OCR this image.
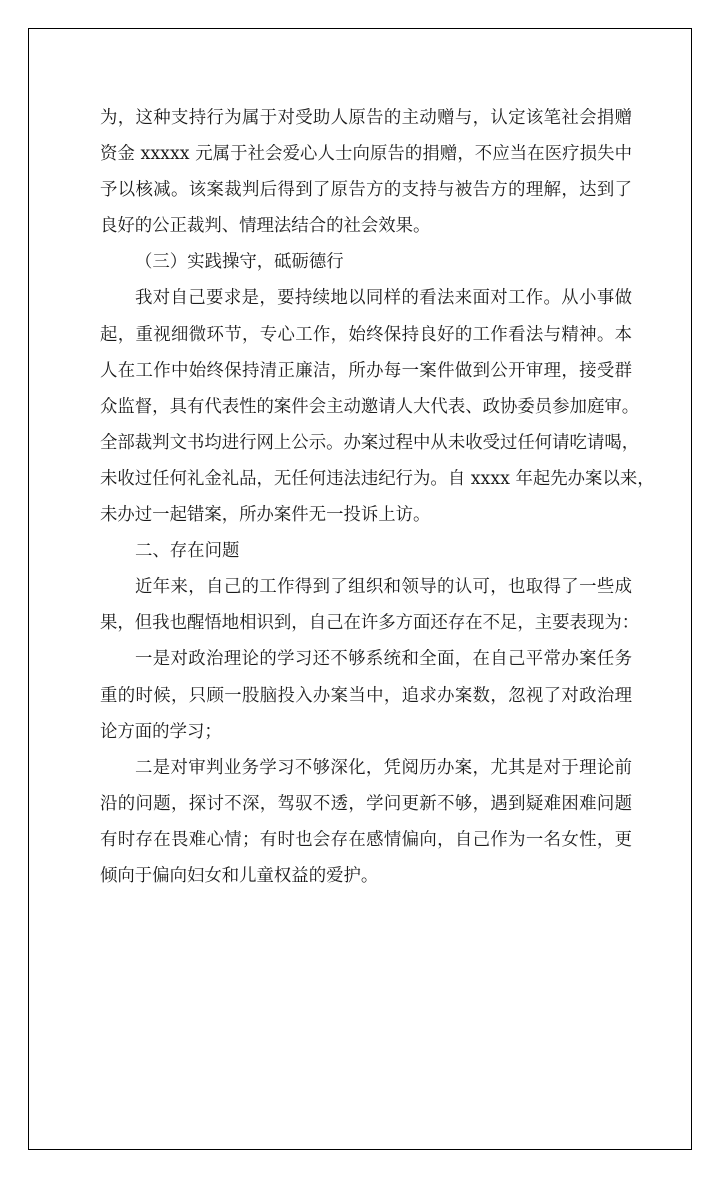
为，这种支持行为属于对受助人原告的主动赠与，认定该笔社会捐赠
资金 xxxxx 元属于社会爱心人士向原告的捐赠，不应当在医疗损失中
予以核减。该案裁判后得到了原告方的支持与被告方的理解，达到了
良好的公正裁判、情理法结合的社会效果。
（三）实践操守，砥砺德行
我对自己要求是，要持续地以同样的看法来面对工作。从小事做
起，重视细微环节，专心工作，始终保持良好的工作看法与精神。本
人在工作中始终保持清正廉洁，所办每一案件做到公开审理，接受群
众监督，具有代表性的案件会主动邀请人大代表、政协委员参加庭审。
全部裁判文书均进行网上公示。办案过程中从未收受过任何请吃请喝，
未收过任何礼金礼品，无任何违法违纪行为。自 xxxx 年起先办案以来，
未办过一起错案，所办案件无一投诉上访。
二、存在问题
近年来，自己的工作得到了组织和领导的认可，也取得了一些成
果，但我也醒悟地相识到，自己在许多方面还存在不足，主要表现为：
一是对政治理论的学习还不够系统和全面，在自己平常办案任务
重的时候，只顾一股脑投入办案当中，追求办案数，忽视了对政治理
论方面的学习；
二是对审判业务学习不够深化，凭阅历办案，尤其是对于理论前
沿的问题，探讨不深，驾驭不透，学问更新不够，遇到疑难困难问题
有时存在畏难心情；有时也会存在感情偏向，自己作为一名女性，更
倾向于偏向妇女和儿童权益的爱护。
